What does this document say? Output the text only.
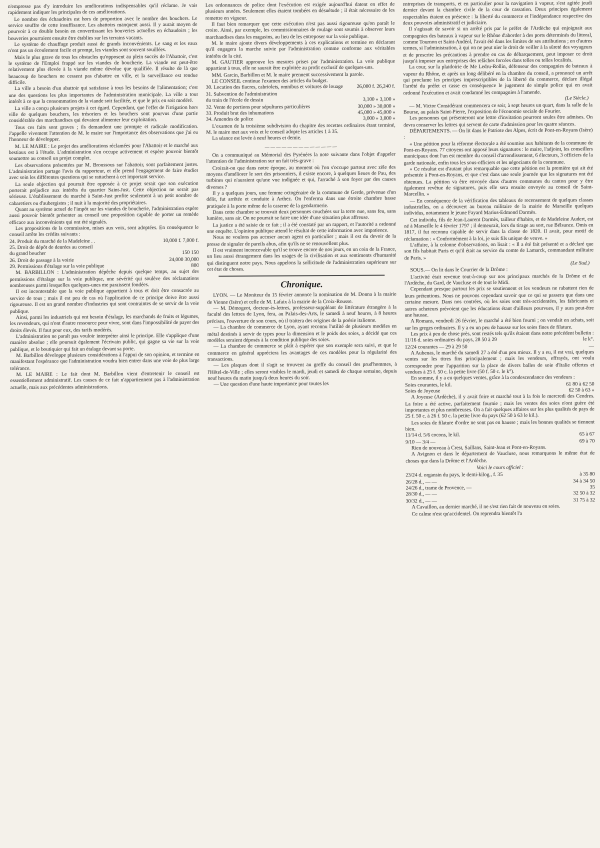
n'empresse pas d'y introduire les améliorations indispensables qu'il réclame. Je vais rapidement indiquer les principales de ces améliorations.

Le nombre des échaudoirs est hors de proportion avec le nombre des bouchers. Le service souffre de cette insuffisance. Les abattoirs manquent aussi. Il y aurait moyen de pourvoir à ce double besoin en convertissant les bouveries actuelles en échaudoirs ; les bouveries pourraient ensuite être établies sur les terrains vacants.

Le système de chauffage produit aussi de grands inconvénients. Le sang et les eaux n'ont pas un écoulement facile et prompt, les viandes sont souvent souillées.

Mais le plus grave de tous les obstacles qu'opposent au plein succès de l'Abattoir, c'est le système de l'Emploi frappé sur les viandes de boucherie. La viande est peut-être relativement plus élevée à la viande même dévolue que qualifiée. Il résulte de là que beaucoup de bouchers ne cessent pas d'abattre en ville, et la surveillance est rendue difficile.

La ville a besoin d'un abattoir qui satisfasse à tous les besoins de l'alimentation; c'est une des questions les plus importantes de l'administration municipale. La ville a tout intérêt à ce que la consommation de la viande soit facilitée, et que le prix en soit modéré.

La ville a conçu plusieurs projets à cet égard. Cependant, que l'effet de l'irrigation hors ville de quelques bouchers, les trésoriers et les bouchers sont pourvus d'une partie considérable des marchandises qui devaient alimenter leur exploitation.

Tous ces faits sont graves ; ils demandent une prompte et radicale modification. J'appelle vivement l'attention de M. le maire sur l'importance des observations que j'ai eu l'honneur de développer.

M. LE MAIRE : Le projet des améliorations réclamées pour l'Abattoir et le marché aux bestiaux est à l'étude. L'administration s'en occupe activement et espère pouvoir bientôt soumettre au conseil un projet complet.

Les observations présentées par M. Broussous sur l'abattoir, sont parfaitement justes. L'administration partage l'avis du rapporteur, et elle prend l'engagement de faire étudier avec soin les différentes questions qui se rattachent à cet important service.

La seule objection qui pourrait être opposée à ce projet serait que son exécution porterait préjudice aux intérêts du quartier Saint-Just. Cette objection ne serait pas sérieuse. L'établissement du marché à Saint-Just profite seulement à un petit nombre de cabaretiers ou d'aubergistes ; il nuit à la majorité des propriétaires.

Quant au système actuel de l'impôt sur les viandes de boucherie, l'administration espère aussi pouvoir bientôt présenter au conseil une proposition capable de porter un remède efficace aux inconvénients qui ont été signalés.

Les propositions de la commission, mises aux voix, sont adoptées. En conséquence le conseil arrête les crédits suivants :

24. Produit du marché de la Madeleine . .	10,000 f. 7,000 f.
25. Droit de dépôt de denrées au conseil
du grand boucher	150 150
26. Droit de passage à la voirie	24,000 30,000
29. Permissions d'étalage sur la voie publique	800

M. BARBILLON : L'administration dépêche depuis quelque temps, au sujet des permissions d'étalage sur la voie publique, une sévérité qui soulève des réclamations nombreuses parmi lesquelles quelques-unes me paraissent fondées.

Il est incontestable que la voie publique appartient à tous et doit être consacrée au service de tous ; mais il est peu de cas où l'application de ce principe doive être aussi rigoureuse. Il est un grand nombre d'industries qui sont contraintes de se servir de la voie publique.

Ainsi, parmi les industriels qui ont besoin d'étalage, les marchands de fruits et légumes, les revendeurs, qui n'ont d'autre ressource pour vivre, sont dans l'impossibilité de payer des droits élevés. Il faut pour eux, des tarifs modérés.

L'administration ne paraît pas vouloir interpréter ainsi le principe. Elle s'applique d'une manière absolue ; elle poursuit également l'écrivain public, qui gagne sa vie sur la voie publique, et le boutiquier qui fait un étalage devant sa porte.

M. Barbillon développe plusieurs considérations à l'appui de son opinion, et termine en manifestant l'espérance que l'administration voudra bien entrer dans une voie de plus large tolérance.

M. LE MAIRE : Le fait dont M. Barbillon vient d'entretenir le conseil est essentiellement administratif. Les causes de ce fait n'appartiennent pas à l'administration actuelle, mais aux précédentes administrations.

Les ordonnances de police dont l'exécution est exigée aujourd'hui datent en effet de plusieurs années. Seulement elles étaient tombées en désuétude ; il était nécessaire de les remettre en vigueur.

Il faut bien remarquer que cette exécution n'est pas aussi rigoureuse qu'on paraît le croire. Ainsi, par exemple, les commissionnaires de roulage sont soumis à observer leurs marchandises dans les magasins, au lieu de les entreposer sur la voie publique.

M. le maire ajoute divers développements à ces explications et termine en déclarant qu'il engagera la marche suivie par l'administration comme conforme aux véritables intérêts de la cité.

M. GAUTIER approuve les mesures prises par l'administration. La voie publique appartient à tous, elle ne saurait être exploitée au profit exclusif de quelques-uns.

MM. Garcin, Barbillon et M. le maire prennent successivement la parole.

LE CONSEIL continue l'examen des articles du budget.

30. Location des fiacres, cabriolets, omnibus et voitures de louage	26,000 f. 26,240 f.
31. Subvention de l'administration
du train de l'école de dessin	3,100 » 3,100 »
32. Vente de portions pour sépultures particulières	30,000 » 30,000 »
33. Produit brut des inhumations	45,000 » 45,000 »
34. Amendes de police	3,000 » 3,000 »

L'examen de la troisième subdivision du chapitre des recettes ordinaires étant terminé, M. le maire met aux voix et le conseil adopte les articles 1 à 35.

La séance est levée à neuf heures et demie.

— — — — — — — — — — — — —

On a communiqué au Mémorial des Pyrénées la note suivante dans l'objet d'appeler l'attention de l'administration sur un fait très-grave :

Croirait-on que dans notre époque, au moment où l'on s'occupe partout avec zèle des moyens d'améliorer le sort des prisonniers, il existe encore, à quelques lieues de Pau, des turbines qui n'auraient qu'une vue indignée et qui, l'arraché à son foyer par des causes diverses ?

Il y a quelques jours, une femme octogénaire de la commune de Gerde, prévenue d'un délit, fut arrêtée et conduite à Arthez. On l'enferma dans une étroite chambre basse pratiquée à la porte même de la caserne de la gendarmerie.

Dans cette chambre se trouvait deux personnes couchées sur la terre nue, sans feu, sans lumière, sans air. On ne pourrait se faire une idée d'une situation plus affreuse.

La justice a été saisie de ce fait ; il a été constaté par un rapport, et l'autorité a ordonné une enquête. L'opinion publique attend le résultat de cette information avec impatience.

Nous ne voulons pas accuser aucun agent en particulier ; mais il est du devoir de la presse de signaler de pareils abus, afin qu'ils ne se renouvellent plus.

Il est vraiment inconcevable qu'il se trouve encore de nos jours, en un coin de la France, un lieu aussi étrangement dans les usages de la civilisation et aux sentiments d'humanité qui distinguent notre pays. Nous appelons la sollicitude de l'administration supérieure sur cet état de choses.

Chronique.

LYON. — Le Moniteur du 15 février annonce la nomination de M. Donna à la mairie de Vienne (Isère) et celle de M. Lafaix à la mairie de la Croix-Rousse.

— M. Démogeot, docteur-ès-lettres, professeur-suppléant de littérature étrangère à la faculté des lettres de Lyon, fera, au Palais-des-Arts, le samedi à neuf heures, à 8 heures précises, l'ouverture de son cours, où il traitera des origines de la poésie italienne.

— La chambre de commerce de Lyon, ayant reconnu l'utilité de plusieurs modèles en métal destinés à servir de types pour la dimension et le poids des soies, a décidé que ces modèles seraient déposés à la condition publique des soies.

— La chambre de commerce se plaît à espérer que son exemple sera suivi, et que le commerce en général appréciera les avantages de ces modèles pour la régularité des transactions.

— Les plaques dont il s'agit se trouvent au greffe du conseil des prud'hommes, à l'Hôtel-de-Ville ; elles seront visibles le mardi, jeudi et samedi de chaque semaine, depuis neuf heures du matin jusqu'à deux heures du soir.

— Une question d'une haute importance pour toutes les

entreprises de transports, et en particulier pour la navigation à vapeur, s'est agitée jeudi dernier devant la chambre civile de la cour de cassation. Deux principes également respectables étaient en présence : la liberté du commerce et l'indépendance respective des deux pouvoirs administratif et judiciaire.

Il s'agissait de savoir si un arrêté pris par le préfet de l'Ardèche qui enjoignait aux compagnies des bateaux à vapeur sur le Rhône d'aborder à des ports déterminés du littoral, comme Tournon et Saint-Andéol, l'avait été dans les limites de ses attributions ; en d'autres termes, si l'administration, à qui on ne peut nier le droit de veiller à la sûreté des voyageurs et de prescrire les précautions à prendre en cas de débarquement, peut imposer ce droit jusqu'à imposer aux entreprises des relâches forcées dans telles ou telles localités.

La cour, sur la plaidoirie de Me Ledru-Rollin, défenseur des compagnies de bateaux à vapeur du Rhône, et après un long délibéré en la chambre du conseil, a prononcé un arrêt qui proclame les principes imprescriptibles de la liberté du commerce, déclare illégal l'arrêté du préfet et casse en conséquence le jugement de simple police qui en avait ordonné l'exécution et avait condamné les compagnies à l'amende.

(Le Siècle.)

— M. Victor Considérant commencera ce soir, à sept heures un quart, dans la salle de la Bourse, au palais Saint-Pierre, l'exposition de l'économie sociale de Fourier.

Les personnes qui présenteront une lettre d'invitation pourront seules être admises. On devra conserver les lettres qui servent de carte d'admission pour les quatre séances.

DÉPARTEMENTS. — On lit dans le Patriote des Alpes, écrit de Pont-en-Royans (Isère) :

« Une pétition pour la réforme électorale a été soumise aux habitants de la commune de Pont-en-Royans. 77 citoyens ont apposé leurs signatures : le maire, l'adjoint, les conseillers municipaux dont l'un est membre du conseil d'arrondissement, 6 électeurs, 3 officiers de la garde nationale, enfin tous les sous-officiers et les négociants de la commune.

« Ce résultat est d'autant plus remarquable que cette pétition est la première qui ait été présentée à Pont-en-Royans, et que c'est dans une seule journée que les signatures ont été obtenues. La pétition va être envoyée dans d'autres communes du canton pour y être également revêtue de signatures, puis elle sera ensuite envoyée au conseil de Saint-Marcellin. »

— En conséquence de la vérification des tableaux de recensement de quelques classes industrielles, on a découvert au bureau militaire de la mairie de Marseille quelques individus, notamment le jeune Fayard Marius-Edmond Darmès.

Cet individu, fils de Jean-Laurent Darmès, tailleur d'habits, et de Madeleine Audert, est né à Marseille le 4 février 1797 ; il demeurait, lors du tirage au sort, rue Bélsunce. Omis en 1817, il fut reconnu capable de servir dans la classe de 1820. Il avait, pour motif de réclamation : « Conformément à la loi, je suis fils unique de veuve. »

L'affaire, à la colonne d'observations, on lisait : « Il a été fait présenté et a déclaré que son fils habitait Paris et qu'il était au service du comte de Lamarck, commandant militaire de Paris. »

(Le Sud.)

SOUS.— On lit dans le Courrier de la Drôme :

L'activité était revenue tout-à-coup sur nos principaux marchés de la Drôme et de l'Ardèche, du Gard, de Vaucluse et de tout le Midi.

Cependant presque partout les prix se soutiennent et les vendeurs ne rabattent rien de leurs prétentions. Nous ne pouvons cependant savoir que ce qui se passera que dans une certaine mesure. Dans nos contrées, où les soies sont très-accidentées, les fabricants et autres acheteurs prévoient que les éducations étant d'ailleurs pourvues, il y aura peut-être une hausse.

A Romans, vendredi 26 février, le marché a été bien fourni ; on vendait en achats, soit sur les greges ordinaires. Il y a eu un peu de hausse sur les soies fines de filature.

Les prix à peu de chose près, sont restés tels qu'ils étaient dans notre précédent bulletin :

11/16 d. soies ordinaires du pays, 28 50 à 29	le k°.
12/24 courantes — 29 à 29 50	—

A Aubenas, le marché du samedi 27 a été d'un peu mieux. Il y a eu, il est vrai, quelques ventes sur les titres fins principalement ; mais les vendeurs, effrayés, ont voulu correspondre pour l'apparition sur la place de divers balles de soie d'Italie offertes et vendues à 25 f. 50 c. la petite livre (50 f. 50 c. le k°).

En somme, il y a eu quelques ventes, grâce à la condescendance des vendeurs :

Soies courantes, le kil.	61 80 à 62 50
Soies de Joyeuse	62 50 à 63 »

A Joyeuse (Ardèche), il y avait foire et marché tout à la fois le mercredi des Cendres. La foire a été active, parfaitement fournie ; mais les ventes des soies n'ont guère été importantes et plus nombreuses. On a fait quelques affaires sur les plus qualités de pays de 25 f. 50 c. à 26 f. 50 c. la petite livre du pays (62 50 à 63 le kil.).

Les soies de filature d'ordre ne sont pas en hausse ; mais les bonnes qualités se tiennent bien.

11/14 d. 5/6 cocons, le kil.	65 à 67
9/10 — 3/4 —	69 à 70

Rien de nouveau à Crest, Saillans, Saint-Jean et Pont-en-Royans.

A Avignon et dans le département de Vaucluse, nous remarquons le même état de choses que dans la Drôme et l'Ardèche.

Voici le cours officiel :
23/24 d. organsin du pays, le demi-kilog., f. 35	à 35 80
26/28 d., — —	34 à 34 50
24/26 d., trame de Provence, —	35
28/30 d., — —	32 50 à 32
30/32 d., — —	31 75 à 32

A Cavaillon, au dernier marché, il ne s'est rien fait de nouveau en soies.

Ce calme n'est qu'accidentel. On reprendra bientôt l'a
